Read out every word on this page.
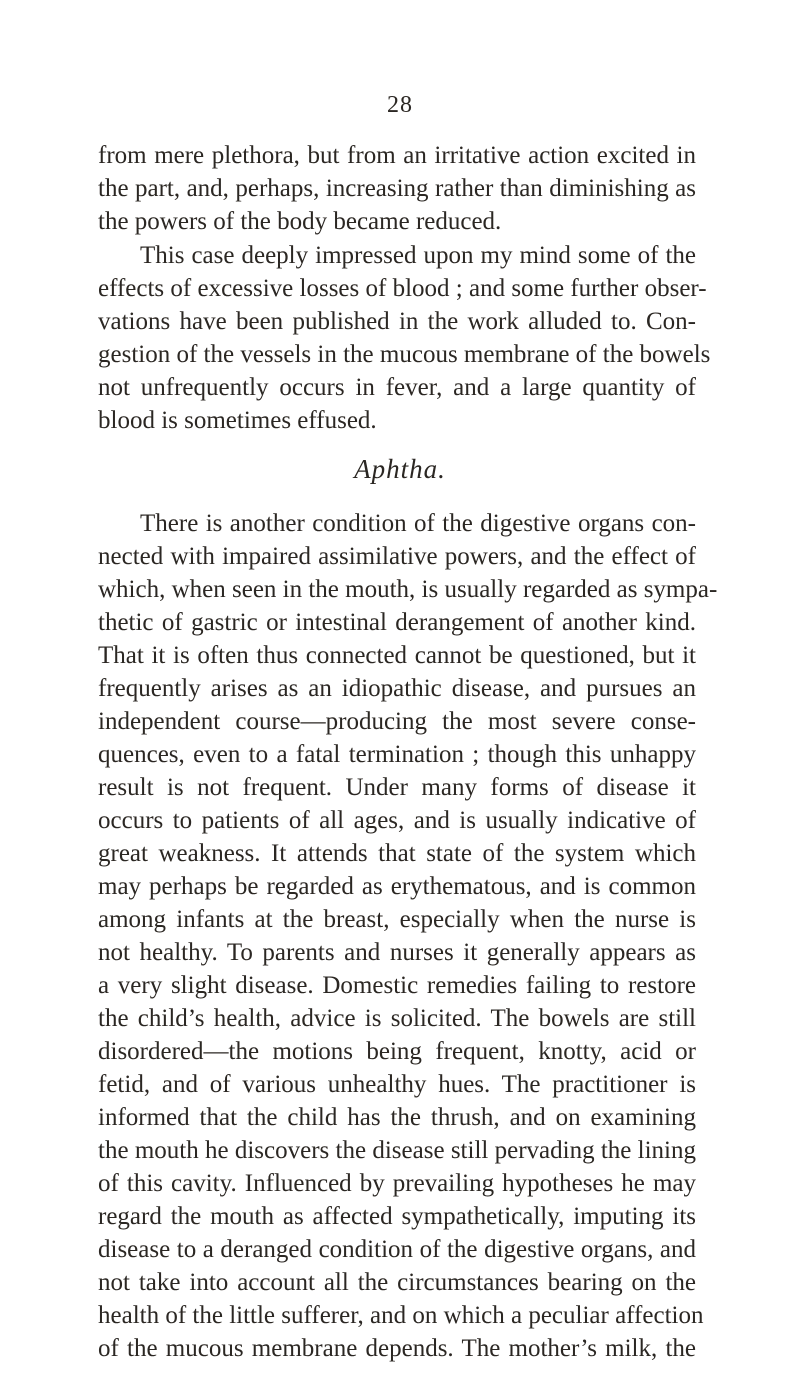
28
from mere plethora, but from an irritative action excited in
the part, and, perhaps, increasing rather than diminishing as
the powers of the body became reduced.
This case deeply impressed upon my mind some of the
effects of excessive losses of blood ; and some further obser-
vations have been published in the work alluded to. Con-
gestion of the vessels in the mucous membrane of the bowels
not unfrequently occurs in fever, and a large quantity of
blood is sometimes effused.
Aphtha.
There is another condition of the digestive organs con-
nected with impaired assimilative powers, and the effect of
which, when seen in the mouth, is usually regarded as sympa-
thetic of gastric or intestinal derangement of another kind.
That it is often thus connected cannot be questioned, but it
frequently arises as an idiopathic disease, and pursues an
independent course—producing the most severe conse-
quences, even to a fatal termination ; though this unhappy
result is not frequent. Under many forms of disease it
occurs to patients of all ages, and is usually indicative of
great weakness. It attends that state of the system which
may perhaps be regarded as erythematous, and is common
among infants at the breast, especially when the nurse is
not healthy. To parents and nurses it generally appears as
a very slight disease. Domestic remedies failing to restore
the child’s health, advice is solicited. The bowels are still
disordered—the motions being frequent, knotty, acid or
fetid, and of various unhealthy hues. The practitioner is
informed that the child has the thrush, and on examining
the mouth he discovers the disease still pervading the lining
of this cavity. Influenced by prevailing hypotheses he may
regard the mouth as affected sympathetically, imputing its
disease to a deranged condition of the digestive organs, and
not take into account all the circumstances bearing on the
health of the little sufferer, and on which a peculiar affection
of the mucous membrane depends. The mother’s milk, the
